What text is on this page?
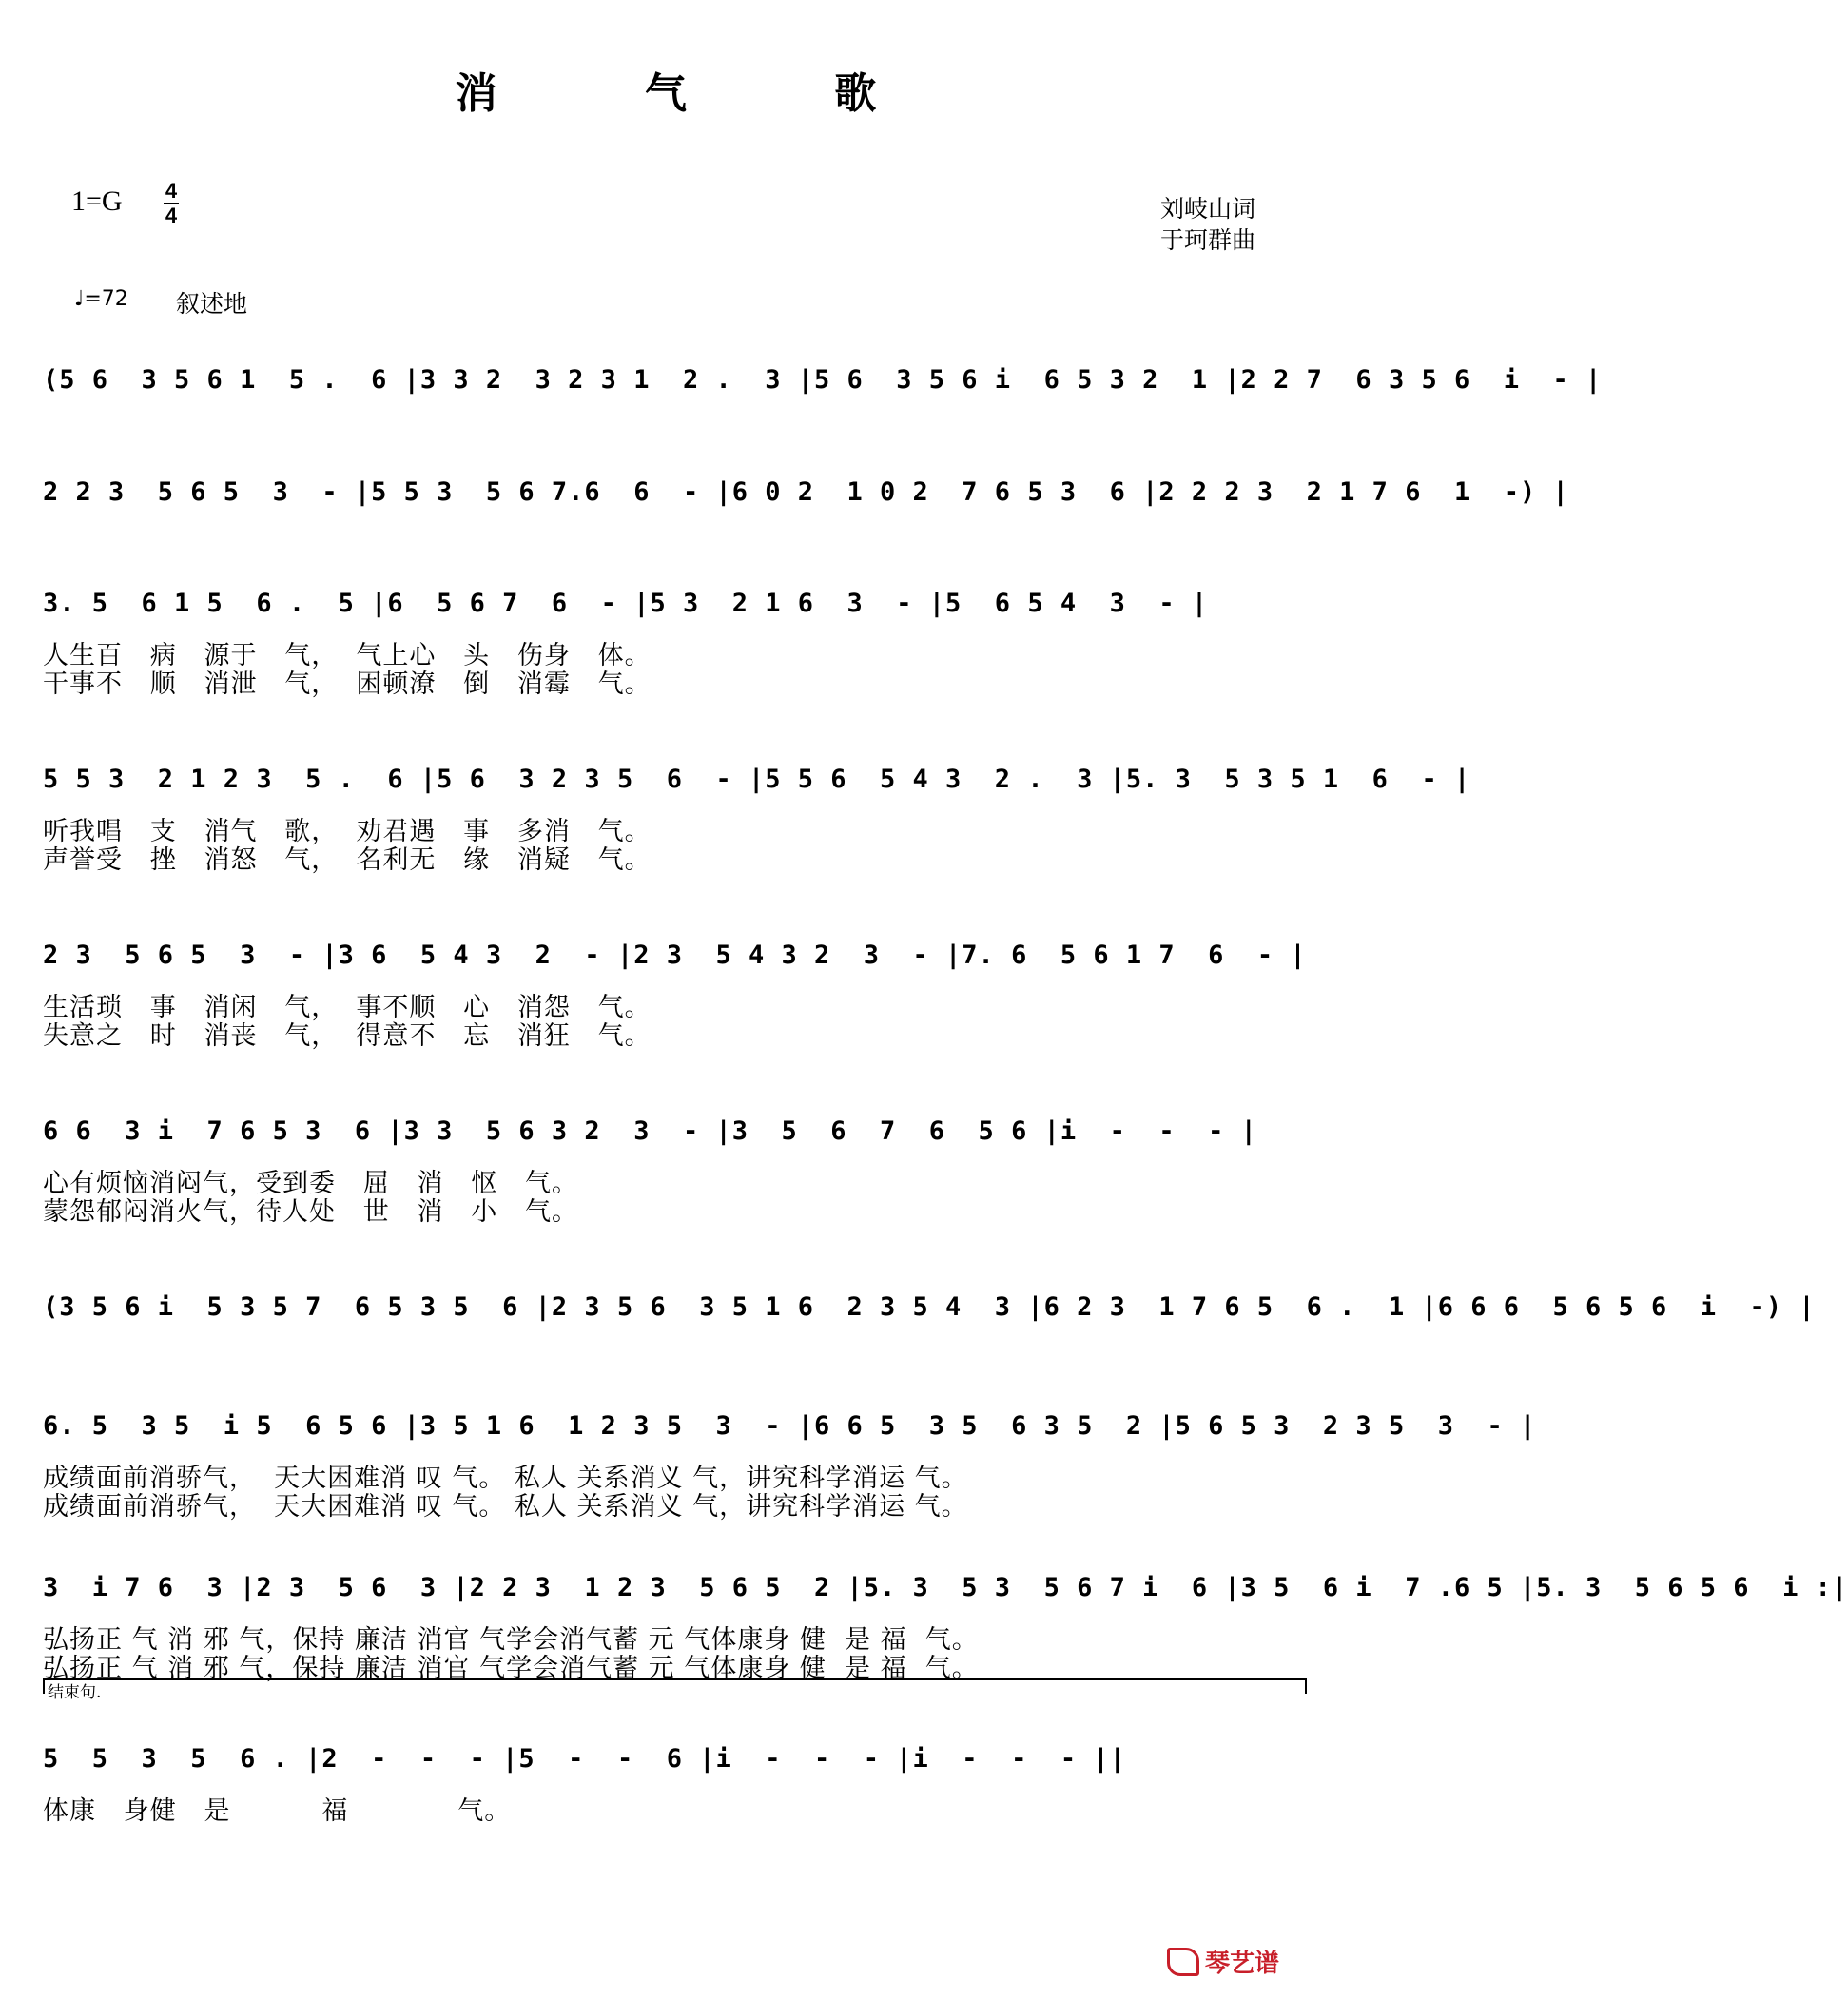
消 气 歌
1=G 4
4	刘岐山词
于珂群曲
♩=72 叙述地
(5 6  3 5 6 1  5 .  6 |3 3 2  3 2 3 1  2 .  3 |5 6  3 5 6 i  6 5 3 2  1 |2 2 7  6 3 5 6  i  - |
2 2 3  5 6 5  3  - |5 5 3  5 6 7.6  6  - |6 0 2  1 0 2  7 6 5 3  6 |2 2 2 3  2 1 7 6  1  -) |
3. 5  6 1 5  6 .  5 |6  5 6 7  6  - |5 3  2 1 6  3  - |5  6 5 4  3  - |
人生百   病   源于   气，  气上心   头   伤身   体。
干事不   顺   消泄   气，  困顿潦   倒   消霉   气。
5 5 3  2 1 2 3  5 .  6 |5 6  3 2 3 5  6  - |5 5 6  5 4 3  2 .  3 |5. 3  5 3 5 1  6  - |
听我唱   支   消气   歌，  劝君遇   事   多消   气。
声誉受   挫   消怒   气，  名利无   缘   消疑   气。
2 3  5 6 5  3  - |3 6  5 4 3  2  - |2 3  5 4 3 2  3  - |7. 6  5 6 1 7  6  - |
生活琐   事   消闲   气，  事不顺   心   消怨   气。
失意之   时   消丧   气，  得意不   忘   消狂   气。
6 6  3 i  7 6 5 3  6 |3 3  5 6 3 2  3  - |3  5  6  7  6  5 6 |i  -  -  - |
心有烦恼消闷气，受到委   屈   消   怄   气。
蒙怨郁闷消火气，待人处   世   消   小   气。
(3 5 6 i  5 3 5 7  6 5 3 5  6 |2 3 5 6  3 5 1 6  2 3 5 4  3 |6 2 3  1 7 6 5  6 .  1 |6 6 6  5 6 5 6  i  -) |
6. 5  3 5  i 5  6 5 6 |3 5 1 6  1 2 3 5  3  - |6 6 5  3 5  6 3 5  2 |5 6 5 3  2 3 5  3  - |
成绩面前消骄气，  天大困难消 叹 气。 私人 关系消义 气，讲究科学消运 气。
成绩面前消骄气，  天大困难消 叹 气。 私人 关系消义 气，讲究科学消运 气。
3  i 7 6  3 |2 3  5 6  3 |2 2 3  1 2 3  5 6 5  2 |5. 3  5 3  5 6 7 i  6 |3 5  6 i  7 .6 5 |5. 3  5 6 5 6  i :|
弘扬正 气 消 邪 气，保持 廉洁 消官 气学会消气蓄 元 气体康身 健  是 福  气。
弘扬正 气 消 邪 气，保持 廉洁 消官 气学会消气蓄 元 气体康身 健  是 福  气。
5  5  3  5  6 . |2  -  -  - |5  -  -  6 |i  -  -  - |i  -  -  - ||
体康   身健   是          福            气。
结束句.
琴艺谱
